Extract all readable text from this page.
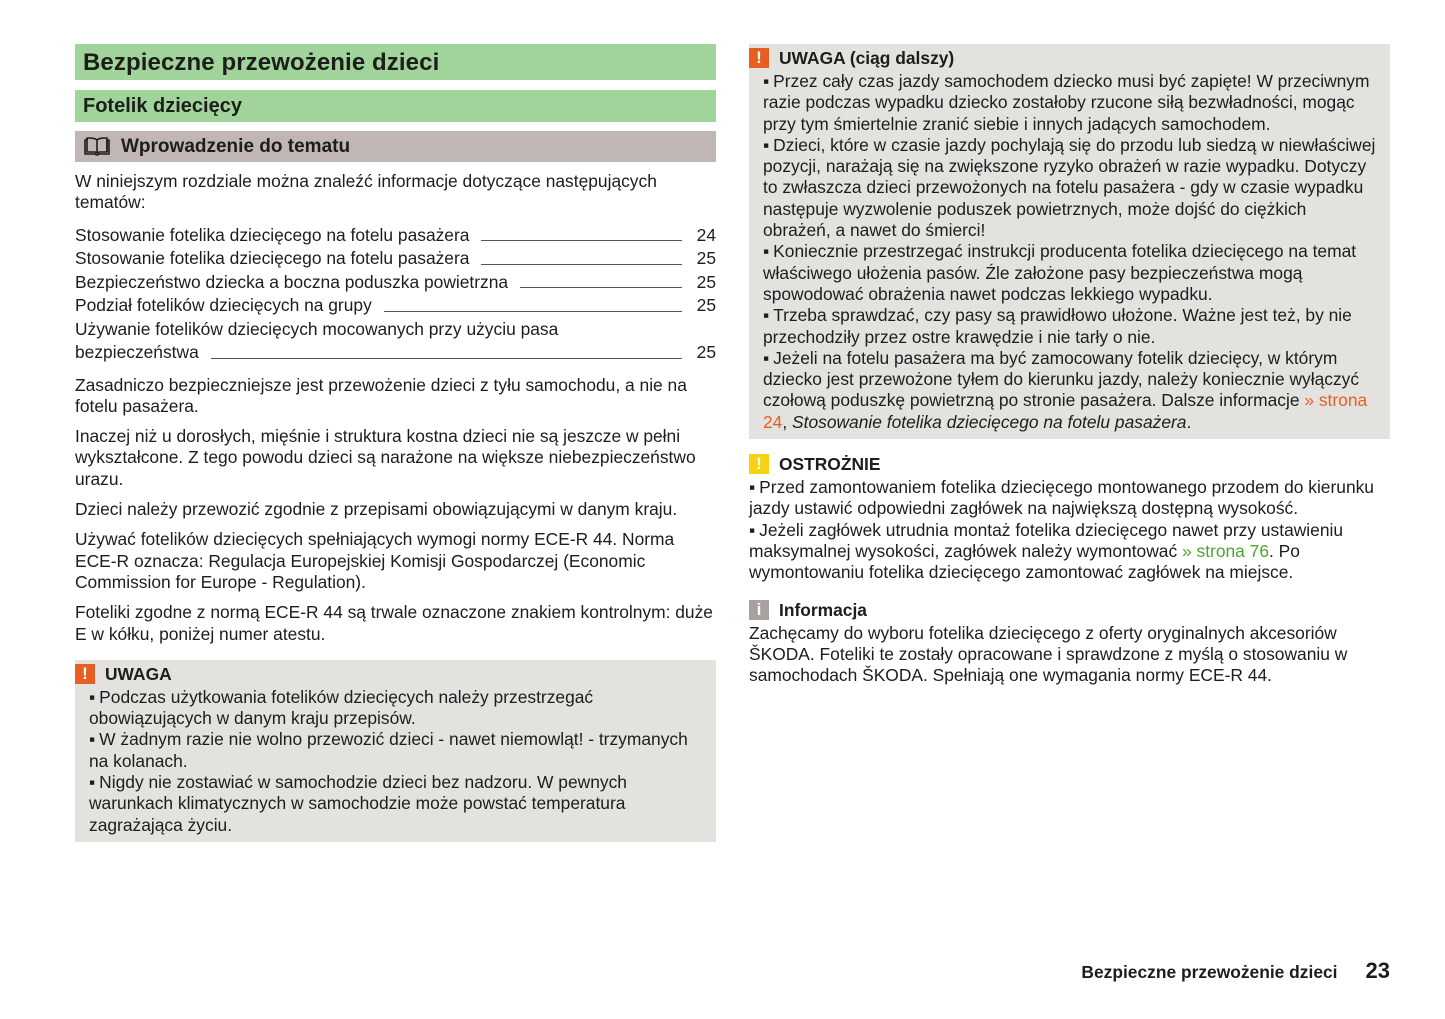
Bezpieczne przewożenie dzieci
Fotelik dziecięcy
Wprowadzenie do tematu

W niniejszym rozdziale można znaleźć informacje dotyczące następujących tematów:

Stosowanie fotelika dziecięcego na fotelu pasażera	24
Stosowanie fotelika dziecięcego na fotelu pasażera	25
Bezpieczeństwo dziecka a boczna poduszka powietrzna	25
Podział fotelików dziecięcych na grupy	25
Używanie fotelików dziecięcych mocowanych przy użyciu pasa
bezpieczeństwa	25

Zasadniczo bezpieczniejsze jest przewożenie dzieci z tyłu samochodu, a nie na fotelu pasażera.

Inaczej niż u dorosłych, mięśnie i struktura kostna dzieci nie są jeszcze w pełni wykształcone. Z tego powodu dzieci są narażone na większe niebezpieczeństwo urazu.

Dzieci należy przewozić zgodnie z przepisami obowiązującymi w danym kraju.

Używać fotelików dziecięcych spełniających wymogi normy ECE-R 44. Norma ECE-R oznacza: Regulacja Europejskiej Komisji Gospodarczej (Economic Commission for Europe - Regulation).

Foteliki zgodne z normą ECE-R 44 są trwale oznaczone znakiem kontrolnym: duże E w kółku, poniżej numer atestu.

! UWAGA
▪ Podczas użytkowania fotelików dziecięcych należy przestrzegać obowiązujących w danym kraju przepisów.
▪ W żadnym razie nie wolno przewozić dzieci - nawet niemowląt! - trzymanych na kolanach.
▪ Nigdy nie zostawiać w samochodzie dzieci bez nadzoru. W pewnych warunkach klimatycznych w samochodzie może powstać temperatura zagrażająca życiu.
! UWAGA (ciąg dalszy)
▪ Przez cały czas jazdy samochodem dziecko musi być zapięte! W przeciwnym razie podczas wypadku dziecko zostałoby rzucone siłą bezwładności, mogąc przy tym śmiertelnie zranić siebie i innych jadących samochodem.
▪ Dzieci, które w czasie jazdy pochylają się do przodu lub siedzą w niewłaściwej pozycji, narażają się na zwiększone ryzyko obrażeń w razie wypadku. Dotyczy to zwłaszcza dzieci przewożonych na fotelu pasażera - gdy w czasie wypadku następuje wyzwolenie poduszek powietrznych, może dojść do ciężkich obrażeń, a nawet do śmierci!
▪ Koniecznie przestrzegać instrukcji producenta fotelika dziecięcego na temat właściwego ułożenia pasów. Źle założone pasy bezpieczeństwa mogą spowodować obrażenia nawet podczas lekkiego wypadku.
▪ Trzeba sprawdzać, czy pasy są prawidłowo ułożone. Ważne jest też, by nie przechodziły przez ostre krawędzie i nie tarły o nie.
▪ Jeżeli na fotelu pasażera ma być zamocowany fotelik dziecięcy, w którym dziecko jest przewożone tyłem do kierunku jazdy, należy koniecznie wyłączyć czołową poduszkę powietrzną po stronie pasażera. Dalsze informacje » strona 24, Stosowanie fotelika dziecięcego na fotelu pasażera.
! OSTROŻNIE
▪ Przed zamontowaniem fotelika dziecięcego montowanego przodem do kierunku jazdy ustawić odpowiedni zagłówek na największą dostępną wysokość.
▪ Jeżeli zagłówek utrudnia montaż fotelika dziecięcego nawet przy ustawieniu maksymalnej wysokości, zagłówek należy wymontować » strona 76. Po wymontowaniu fotelika dziecięcego zamontować zagłówek na miejsce.
i	Informacja
Zachęcamy do wyboru fotelika dziecięcego z oferty oryginalnych akcesoriów ŠKODA. Foteliki te zostały opracowane i sprawdzone z myślą o stosowaniu w samochodach ŠKODA. Spełniają one wymagania normy ECE-R 44.
Bezpieczne przewożenie dzieci 23
